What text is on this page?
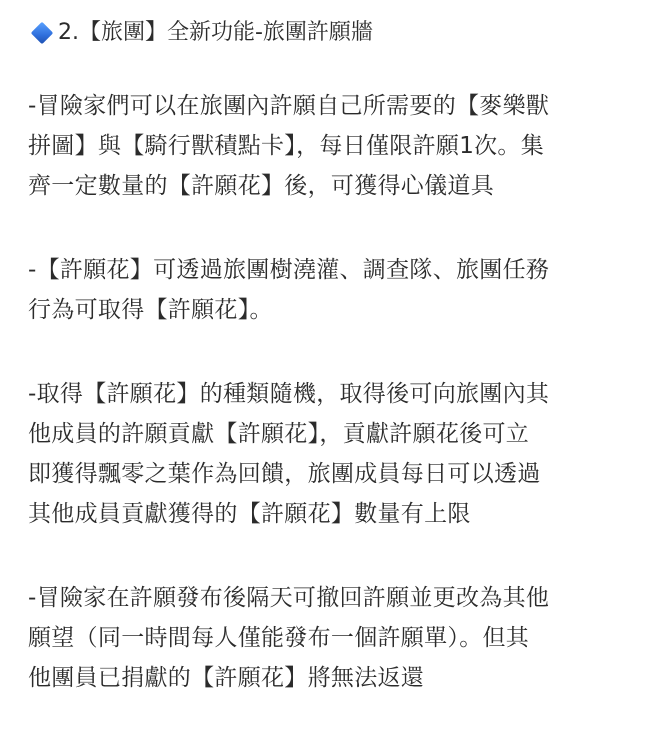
2.【旅團】全新功能-旅團許願牆
-冒險家們可以在旅團內許願自己所需要的【麥樂獸
拼圖】與【騎行獸積點卡】，每日僅限許願1次。集
齊一定數量的【許願花】後，可獲得心儀道具
-【許願花】可透過旅團樹澆灌、調查隊、旅團任務
行為可取得【許願花】。
-取得【許願花】的種類隨機，取得後可向旅團內其
他成員的許願貢獻【許願花】，貢獻許願花後可立
即獲得飄零之葉作為回饋，旅團成員每日可以透過
其他成員貢獻獲得的【許願花】數量有上限
-冒險家在許願發布後隔天可撤回許願並更改為其他
願望（同一時間每人僅能發布一個許願單）。但其
他團員已捐獻的【許願花】將無法返還
